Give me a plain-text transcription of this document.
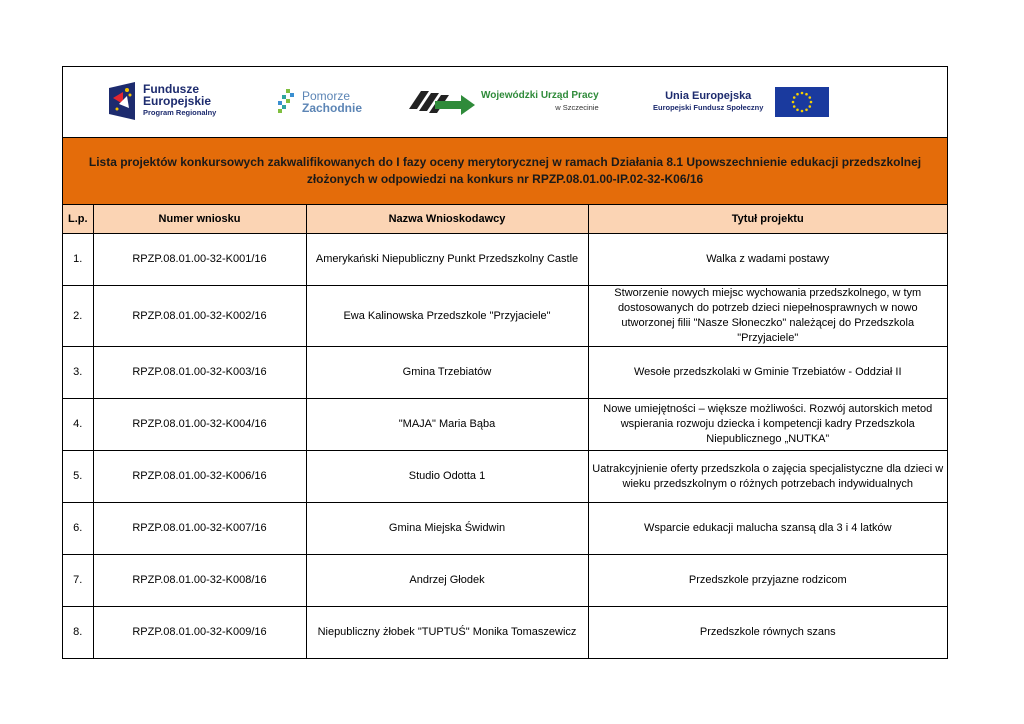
Fundusze
Europejskie
Program Regionalny
Pomorze
Zachodnie
Wojewódzki Urząd Pracy
w Szczecinie
Unia Europejska
Europejski Fundusz Społeczny
Lista projektów konkursowych zakwalifikowanych do I fazy oceny merytorycznej w ramach Działania 8.1 Upowszechnienie edukacji przedszkolnej
złożonych w odpowiedzi na konkurs nr RPZP.08.01.00-IP.02-32-K06/16
L.p.	Numer wniosku	Nazwa Wnioskodawcy	Tytuł projektu
1.	RPZP.08.01.00-32-K001/16	Amerykański Niepubliczny Punkt Przedszkolny Castle	Walka z wadami postawy
2.	RPZP.08.01.00-32-K002/16	Ewa Kalinowska Przedszkole "Przyjaciele"	Stworzenie nowych miejsc wychowania przedszkolnego, w tym dostosowanych do potrzeb dzieci niepełnosprawnych w nowo utworzonej filii "Nasze Słoneczko" należącej do Przedszkola "Przyjaciele"
3.	RPZP.08.01.00-32-K003/16	Gmina Trzebiatów	Wesołe przedszkolaki w Gminie Trzebiatów - Oddział II
4.	RPZP.08.01.00-32-K004/16	"MAJA" Maria Bąba	Nowe umiejętności – większe możliwości. Rozwój autorskich metod wspierania rozwoju dziecka i kompetencji kadry Przedszkola Niepublicznego „NUTKA”
5.	RPZP.08.01.00-32-K006/16	Studio Odotta 1	Uatrakcyjnienie oferty przedszkola o zajęcia specjalistyczne dla dzieci w wieku przedszkolnym o różnych potrzebach indywidualnych
6.	RPZP.08.01.00-32-K007/16	Gmina Miejska Świdwin	Wsparcie edukacji malucha szansą dla 3 i 4 latków
7.	RPZP.08.01.00-32-K008/16	Andrzej Głodek	Przedszkole przyjazne rodzicom
8.	RPZP.08.01.00-32-K009/16	Niepubliczny żłobek "TUPTUŚ" Monika Tomaszewicz	Przedszkole równych szans
